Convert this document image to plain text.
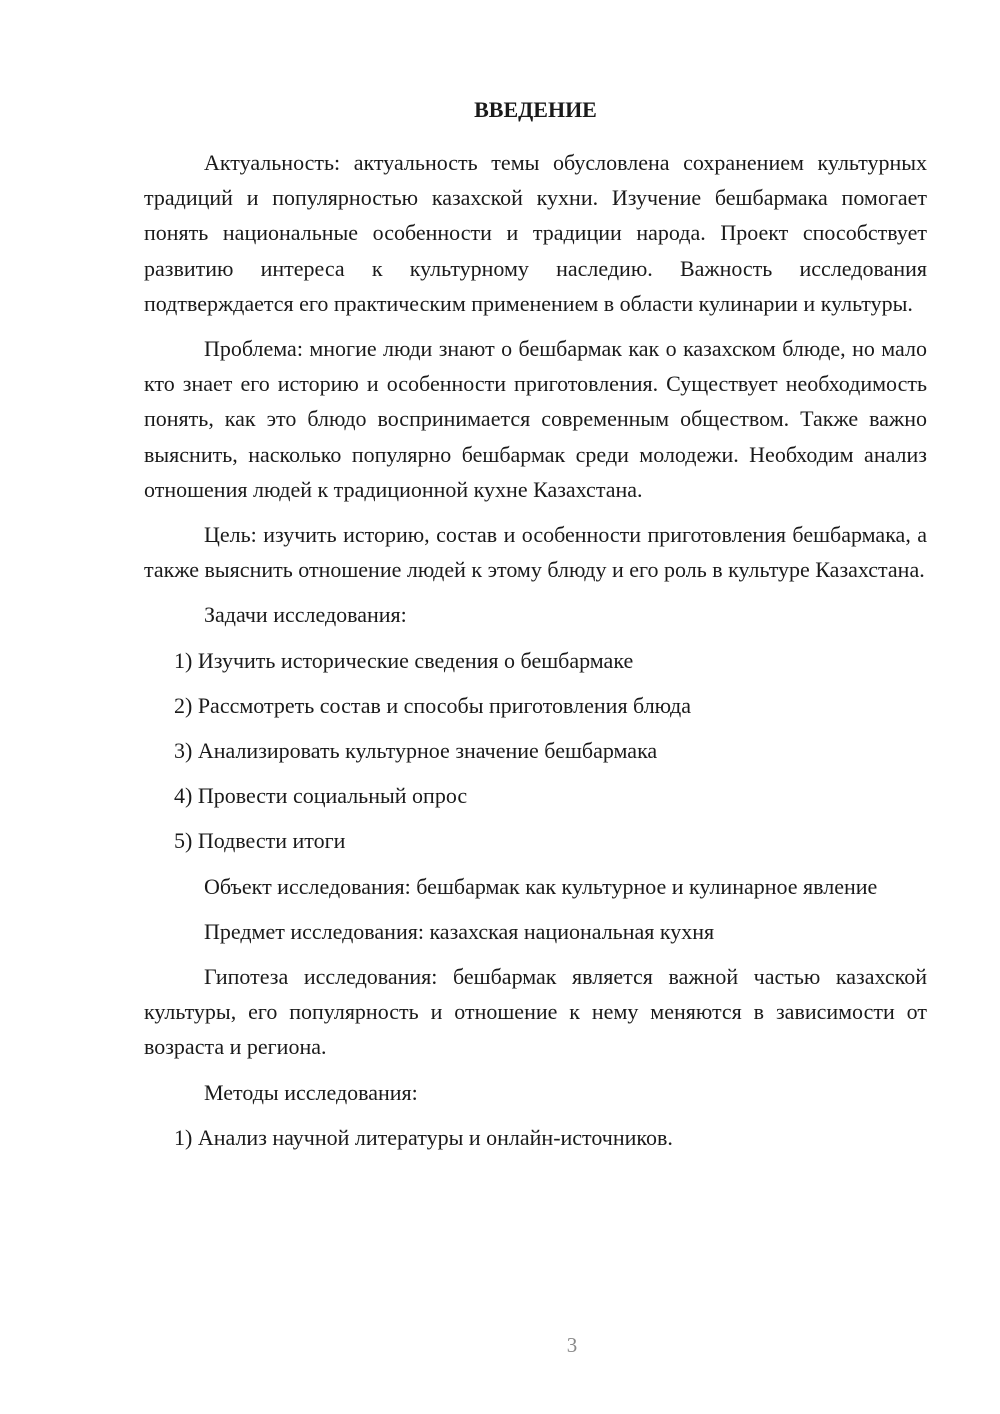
ВВЕДЕНИЕ

Актуальность: актуальность темы обусловлена сохранением культурных традиций и популярностью казахской кухни. Изучение бешбармака помогает понять национальные особенности и традиции народа. Проект способствует развитию интереса к культурному наследию. Важность исследования подтверждается его практическим применением в области кулинарии и культуры.

Проблема: многие люди знают о бешбармак как о казахском блюде, но мало кто знает его историю и особенности приготовления. Существует необходимость понять, как это блюдо воспринимается современным обществом. Также важно выяснить, насколько популярно бешбармак среди молодежи. Необходим анализ отношения людей к традиционной кухне Казахстана.

Цель: изучить историю, состав и особенности приготовления бешбармака, а также выяснить отношение людей к этому блюду и его роль в культуре Казахстана.

Задачи исследования:

1) Изучить исторические сведения о бешбармаке
2) Рассмотреть состав и способы приготовления блюда
3) Анализировать культурное значение бешбармака
4) Провести социальный опрос
5) Подвести итоги

Объект исследования: бешбармак как культурное и кулинарное явление

Предмет исследования: казахская национальная кухня

Гипотеза исследования: бешбармак является важной частью казахской культуры, его популярность и отношение к нему меняются в зависимости от возраста и региона.

Методы исследования:

1) Анализ научной литературы и онлайн-источников.
3
